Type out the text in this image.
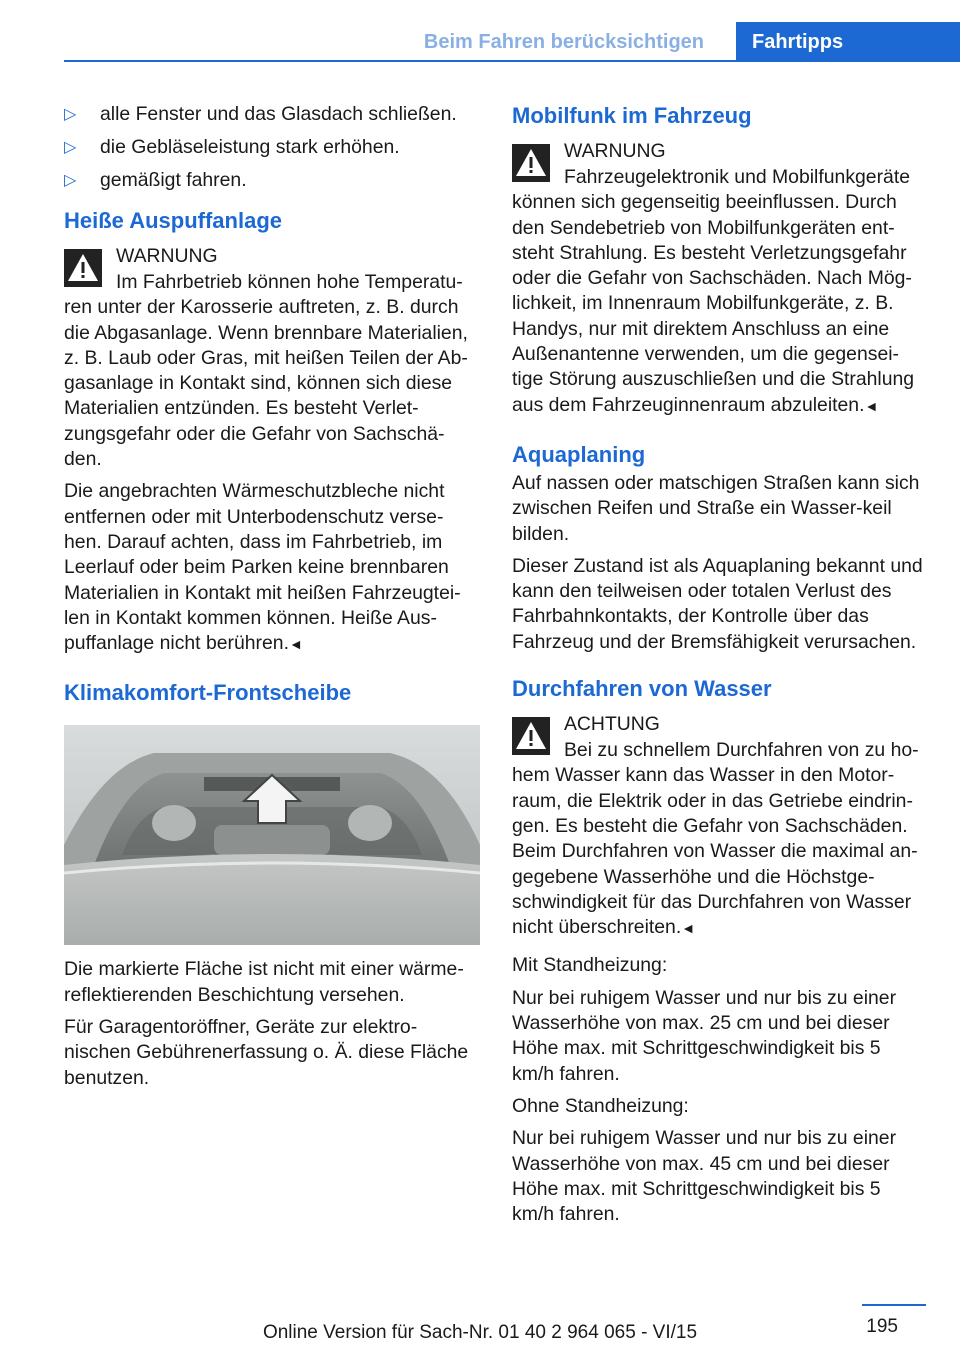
Beim Fahren berücksichtigen	Fahrtipps
▷ alle Fenster und das Glasdach schließen.
▷ die Gebläseleistung stark erhöhen.
▷ gemäßigt fahren.
Heiße Auspuffanlage
WARNUNG

Im Fahrbetrieb können hohe Temperatu‐
ren unter der Karosserie auftreten, z. B. durch die Abgasanlage. Wenn brennbare Materialien, z. B. Laub oder Gras, mit heißen Teilen der Ab‐gasanlage in Kontakt sind, können sich diese Materialien entzünden. Es besteht Verlet‐zungsgefahr oder die Gefahr von Sachschä‐den.

Die angebrachten Wärmeschutzbleche nicht entfernen oder mit Unterbodenschutz verse‐hen. Darauf achten, dass im Fahrbetrieb, im Leerlauf oder beim Parken keine brennbaren Materialien in Kontakt mit heißen Fahrzeugtei‐len in Kontakt kommen können. Heiße Aus‐puffanlage nicht berühren.◄

Klimakomfort-Frontscheibe

Die markierte Fläche ist nicht mit einer wärme‐reflektierenden Beschichtung versehen.

Für Garagentoröffner, Geräte zur elektro‐nischen Gebührenerfassung o. Ä. diese Fläche benutzen.

Mobilfunk im Fahrzeug
WARNUNG

Fahrzeugelektronik und Mobilfunkgeräte
können sich gegenseitig beeinflussen. Durch den Sendebetrieb von Mobilfunkgeräten ent‐steht Strahlung. Es besteht Verletzungsgefahr oder die Gefahr von Sachschäden. Nach Mög‐lichkeit, im Innenraum Mobilfunkgeräte, z. B. Handys, nur mit direktem Anschluss an eine Außenantenne verwenden, um die gegensei‐tige Störung auszuschließen und die Strahlung aus dem Fahrzeuginnenraum abzuleiten.◄

Aquaplaning

Auf nassen oder matschigen Straßen kann sich zwischen Reifen und Straße ein Wasser‐keil bilden.

Dieser Zustand ist als Aquaplaning bekannt und kann den teilweisen oder totalen Verlust des Fahrbahnkontakts, der Kontrolle über das Fahrzeug und der Bremsfähigkeit verursachen.

Durchfahren von Wasser
ACHTUNG

Bei zu schnellem Durchfahren von zu ho‐
hem Wasser kann das Wasser in den Motor‐raum, die Elektrik oder in das Getriebe eindrin‐gen. Es besteht die Gefahr von Sachschäden. Beim Durchfahren von Wasser die maximal an‐gegebene Wasserhöhe und die Höchstge‐schwindigkeit für das Durchfahren von Wasser nicht überschreiten.◄

Mit Standheizung:

Nur bei ruhigem Wasser und nur bis zu einer Wasserhöhe von max. 25 cm und bei dieser Höhe max. mit Schrittgeschwindigkeit bis 5 km/h fahren.

Ohne Standheizung:

Nur bei ruhigem Wasser und nur bis zu einer Wasserhöhe von max. 45 cm und bei dieser Höhe max. mit Schrittgeschwindigkeit bis 5 km/h fahren.

195
Online Version für Sach-Nr. 01 40 2 964 065 - VI/15
